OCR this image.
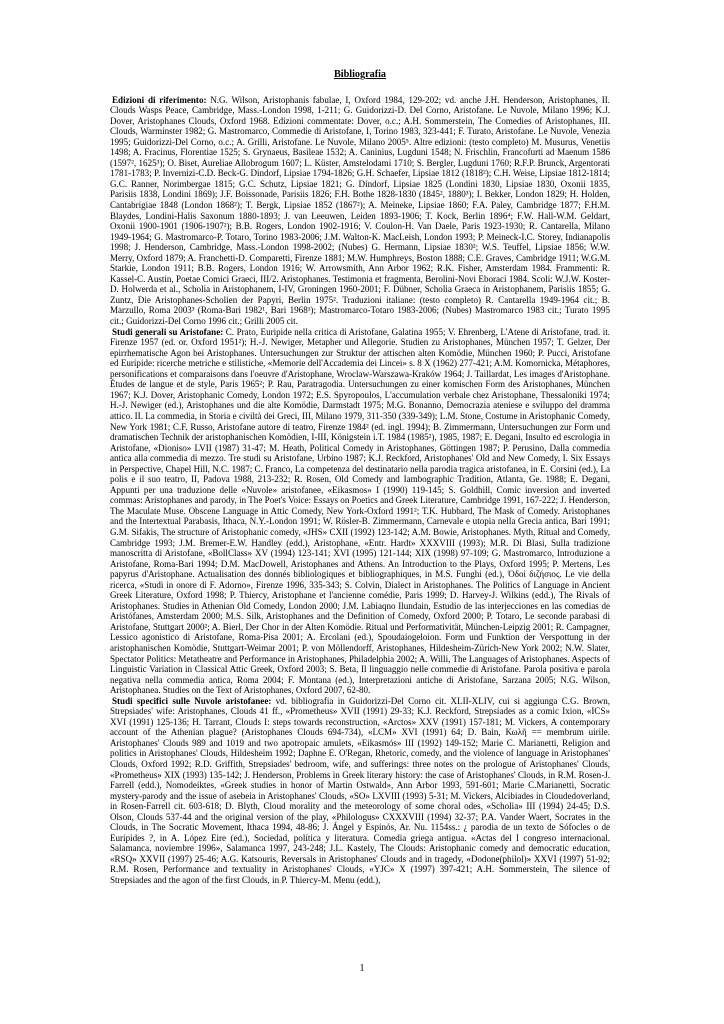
Bibliografia

Edizioni di riferimento: N.G. Wilson, Aristophanis fabulae, I, Oxford 1984, 129-202; vd. anche J.H. Henderson, Aristophanes, II. Clouds Wasps Peace, Cambridge, Mass.-London 1998, 1-211; G. Guidorizzi-D. Del Corno, Aristofane. Le Nuvole, Milano 1996; K.J. Dover, Aristophanes Clouds, Oxford 1968. Edizioni commentate: Dover, o.c.; A.H. Sommerstein, The Comedies of Aristophanes, III. Clouds, Warminster 1982; G. Mastromarco, Commedie di Aristofane, I, Torino 1983, 323-441; F. Turato, Aristofane. Le Nuvole, Venezia 1995; Guidorizzi-Del Corno, o.c.; A. Grilli, Aristofane. Le Nuvole, Milano 2005⁵. Altre edizioni: (testo completo) M. Musurus, Venetiis 1498; A. Fracinus, Florentiae 1525; S. Grynaeus, Basileae 1532; A. Caninius, Lugduni 1548; N. Frischlin, Francofurti ad Maenum 1586 (1597², 1625³); O. Biset, Aureliae Allobrogum 1607; L. Küster, Amstelodami 1710; S. Bergler, Lugduni 1760; R.F.P. Brunck, Argentorati 1781-1783; P. Invernizi-C.D. Beck-G. Dindorf, Lipsiae 1794-1826; G.H. Schaefer, Lipsiae 1812 (1818²); C.H. Weise, Lipsiae 1812-1814; G.C. Ranner, Norimbergae 1815; G.C. Schutz, Lipsiae 1821; G. Dindorf, Lipsiae 1825 (Londini 1830, Lipsiae 1830, Oxonii 1835, Parisiis 1838, Londini 1869); J.F. Boissonade, Parisiis 1826; F.H. Bothe 1828-1830 (1845², 1880³); I. Bekker, London 1829; H. Holden, Cantabrigiae 1848 (London 1868²); T. Bergk, Lipsiae 1852 (1867²); A. Meineke, Lipsiae 1860; F.A. Paley, Cambridge 1877; F.H.M. Blaydes, Londini-Halis Saxonum 1880-1893; J. van Leeuwen, Leiden 1893-1906; T. Kock, Berlin 1896⁴; F.W. Hall-W.M. Geldart, Oxonii 1900-1901 (1906-1907²); B.B. Rogers, London 1902-1916; V. Coulon-H. Van Daele, Paris 1923-1930; R. Cantarella, Milano 1949-1964; G. Mastromarco-P. Totaro, Torino 1983-2006; J.M. Walton-K. MacLeish, London 1993; P. Meineck-I.C. Storey, Indianapolis 1998; J. Henderson, Cambridge, Mass.-London 1998-2002; (Nubes) G. Hermann, Lipsiae 1830²; W.S. Teuffel, Lipsiae 1856; W.W. Merry, Oxford 1879; A. Franchetti-D. Comparetti, Firenze 1881; M.W. Humphreys, Boston 1888; C.E. Graves, Cambridge 1911; W.G.M. Starkie, London 1911; B.B. Rogers, London 1916; W. Arrowsmith, Ann Arbor 1962; R.K. Fisher, Amsterdam 1984. Frammenti: R. Kassel-C. Austin, Poetae Comici Graeci, III/2. Aristophanes. Testimonia et fragmenta, Berolini-Novi Eboraci 1984. Scoli: W.J.W. Koster-D. Holwerda et al., Scholia in Aristophanem, I-IV, Groningen 1960-2001; F. Dübner, Scholia Graeca in Aristophanem, Parisiis 1855; G. Zuntz, Die Aristophanes-Scholien der Papyri, Berlin 1975². Traduzioni italiane: (testo completo) R. Cantarella 1949-1964 cit.; B. Marzullo, Roma 2003³ (Roma-Bari 1982¹, Bari 1968¹); Mastromarco-Totaro 1983-2006; (Nubes) Mastromarco 1983 cit.; Turato 1995 cit.; Guidorizzi-Del Corno 1996 cit.; Grilli 2005 cit.

Studi generali su Aristofane: C. Prato, Euripide nella critica di Aristofane, Galatina 1955; V. Ehrenberg, L'Atene di Aristofane, trad. it. Firenze 1957 (ed. or. Oxford 1951²); H.-J. Newiger, Metapher und Allegorie. Studien zu Aristophanes, München 1957; T. Gelzer, Der epirrhematische Agon bei Aristophanes. Untersuchungen zur Struktur der attischen alten Komödie, München 1960; P. Pucci, Aristofane ed Euripide: ricerche metriche e stilistiche, «Memorie dell'Accademia dei Lincei» s. 8 X (1962) 277-421; A.M. Komornicka, Métaphores, personifications et comparaisons dans l'oeuvre d'Aristophane, Wroclaw-Warszawa-Kraków 1964; J. Taillardat, Les images d'Aristophane. Études de langue et de style, Paris 1965²; P. Rau, Paratragodia. Untersuchungen zu einer komischen Form des Aristophanes, München 1967; K.J. Dover, Aristophanic Comedy, London 1972; E.S. Spyropoulos, L'accumulation verbale chez Aristophane, Thessaloniki 1974; H.-J. Newiger (ed.), Aristophanes und die alte Komödie, Darmstadt 1975; M.G. Bonanno, Democrazia ateniese e sviluppo del dramma attico. II. La commedia, in Storia e civiltà dei Greci, III, Milano 1979, 311-350 (339-349); L.M. Stone, Costume in Aristophanic Comedy, New York 1981; C.F. Russo, Aristofane autore di teatro, Firenze 1984² (ed. ingl. 1994); B. Zimmermann, Untersuchungen zur Form und dramatischen Technik der aristophanischen Komödien, I-III, Königstein i.T. 1984 (1985²), 1985, 1987; E. Degani, Insulto ed escrologia in Aristofane, «Dioniso» LVII (1987) 31-47; M. Heath, Political Comedy in Aristophanes, Göttingen 1987; P. Perusino, Dalla commedia antica alla commedia di mezzo. Tre studi su Aristofane, Urbino 1987; K.J. Reckford, Aristophanes' Old and New Comedy, I. Six Essays in Perspective, Chapel Hill, N.C. 1987; C. Franco, La competenza del destinatario nella parodia tragica aristofanea, in E. Corsini (ed.), La polis e il suo teatro, II, Padova 1988, 213-232; R. Rosen, Old Comedy and Iambographic Tradition, Atlanta, Ge. 1988; E. Degani, Appunti per una traduzione delle «Nuvole» aristofanee, «Eikasmos» I (1990) 119-145; S. Goldhill, Comic inversion and inverted commas: Aristophanes and parody, in The Poet's Voice: Essays on Poetics and Greek Literature, Cambridge 1991, 167-222; J. Henderson, The Maculate Muse. Obscene Language in Attic Comedy, New York-Oxford 1991²; T.K. Hubbard, The Mask of Comedy. Aristophanes and the Intertextual Parabasis, Ithaca, N.Y.-London 1991; W. Rösler-B. Zimmermann, Carnevale e utopia nella Grecia antica, Bari 1991; G.M. Sifakis, The structure of Aristophanic comedy, «JHS» CXII (1992) 123-142; A.M. Bowie, Aristophanes. Myth, Ritual and Comedy, Cambridge 1993; J.M. Bremer-E.W. Handley (edd.), Aristophane, «Entr. Hardt» XXXVIII (1993); M.R. Di Blasi, Sulla tradizione manoscritta di Aristofane, «BollClass» XV (1994) 123-141; XVI (1995) 121-144; XIX (1998) 97-109; G. Mastromarco, Introduzione a Aristofane, Roma-Bari 1994; D.M. MacDowell, Aristophanes and Athens. An Introduction to the Plays, Oxford 1995; P. Mertens, Les papyrus d'Aristophane. Actualisation des donnés bibliologiques et bibliographiques, in M.S. Funghi (ed.), Ὁδοὶ διζήσιος. Le vie della ricerca, «Studi in onore di F. Adorno», Firenze 1996, 335-343; S. Colvin, Dialect in Aristophanes. The Politics of Language in Ancient Greek Literature, Oxford 1998; P. Thiercy, Aristophane et l'ancienne comédie, Paris 1999; D. Harvey-J. Wilkins (edd.), The Rivals of Aristophanes. Studies in Athenian Old Comedy, London 2000; J.M. Labiaqno Ilundain, Estudio de las interjecciones en las comedias de Aristófanes, Amsterdam 2000; M.S. Silk, Aristophanes and the Definition of Comedy, Oxford 2000; P. Totaro, Le seconde parabasi di Aristofane, Stuttgart 2000²; A. Bierl, Der Chor in der Alten Komödie. Ritual und Performativität, München-Leipzig 2001; R. Campagner, Lessico agonistico di Aristofane, Roma-Pisa 2001; A. Ercolani (ed.), Spoudaiogeloion. Form und Funktion der Verspottung in der aristophanischen Komödie, Stuttgart-Weimar 2001; P. von Möllendorff, Aristophanes, Hildesheim-Zürich-New York 2002; N.W. Slater, Spectator Politics: Metatheatre and Performance in Aristophanes, Philadelphia 2002; A. Willi, The Languages of Aristophanes. Aspects of Linguistic Variation in Classical Attic Greek, Oxford 2003; S. Beta, Il linguaggio nelle commedie di Aristofane. Parola positiva e parola negativa nella commedia antica, Roma 2004; F. Montana (ed.), Interpretazioni antiche di Aristofane, Sarzana 2005; N.G. Wilson, Aristophanea. Studies on the Text of Aristophanes, Oxford 2007, 62-80.

Studi specifici sulle Nuvole aristofanee: vd. bibliografia in Guidorizzi-Del Corno cit. XLII-XLIV, cui si aggiunga C.G. Brown, Strepsiades' wife: Aristophanes, Clouds 41 ff., «Prometheus» XVII (1991) 29-33; K.J. Reckford, Strepsiades as a comic Ixion, «ICS» XVI (1991) 125-136; H. Tarrant, Clouds I: steps towards reconstruction, «Arctos» XXV (1991) 157-181; M. Vickers, A contemporary account of the Athenian plague? (Aristophanes Clouds 694-734), «LCM» XVI (1991) 64; D. Bain, Κωλῆ == membrum uirile. Aristophanes' Clouds 989 and 1019 and two apotropaic amulets, «Eikasmós» III (1992) 149-152; Marie C. Marianetti, Religion and politics in Aristophanes' Clouds, Hildesheim 1992; Daphne E. O'Regan, Rhetoric, comedy, and the violence of language in Aristophanes' Clouds, Oxford 1992; R.D. Griffith, Strepsiades' bedroom, wife, and sufferings: three notes on the prologue of Aristophanes' Clouds, «Prometheus» XIX (1993) 135-142; J. Henderson, Problems in Greek literary history: the case of Aristophanes' Clouds, in R.M. Rosen-J. Farrell (edd.), Nomodeiktes, «Greek studies in honor of Martin Ostwald», Ann Arbor 1993, 591-601; Marie C.Marianetti, Socratic mystery-parody and the issue of asebeia in Aristophanes' Clouds, «SO» LXVIII (1993) 5-31; M. Vickers, Alcibiades in Cloudedoverland, in Rosen-Farrell cit. 603-618; D. Blyth, Cloud morality and the meteorology of some choral odes, «Scholia» III (1994) 24-45; D.S. Olson, Clouds 537-44 and the original version of the play, «Philologus» CXXXVIII (1994) 32-37; P.A. Vander Waert, Socrates in the Clouds, in The Socratic Movement, Ithaca 1994, 48-86; J. Ángel y Espinós, Ar. Nu. 1154ss.: ¿ parodia de un texto de Sófocles o de Eurípides ?, in A. López Eire (ed.), Sociedad, política y literatura. Comedia griega antigua. «Actas del I congreso internacional. Salamanca, noviembre 1996», Salamanca 1997, 243-248; J.L. Kastely, The Clouds: Aristophanic comedy and democratic education, «RSQ» XXVII (1997) 25-46; A.G. Katsouris, Reversals in Aristophanes' Clouds and in tragedy, «Dodone(philol)» XXVI (1997) 51-92; R.M. Rosen, Performance and textuality in Aristophanes' Clouds, «YJC» X (1997) 397-421; A.H. Sommerstein, The silence of Strepsiades and the agon of the first Clouds, in P. Thiercy-M. Menu (edd.),

1
